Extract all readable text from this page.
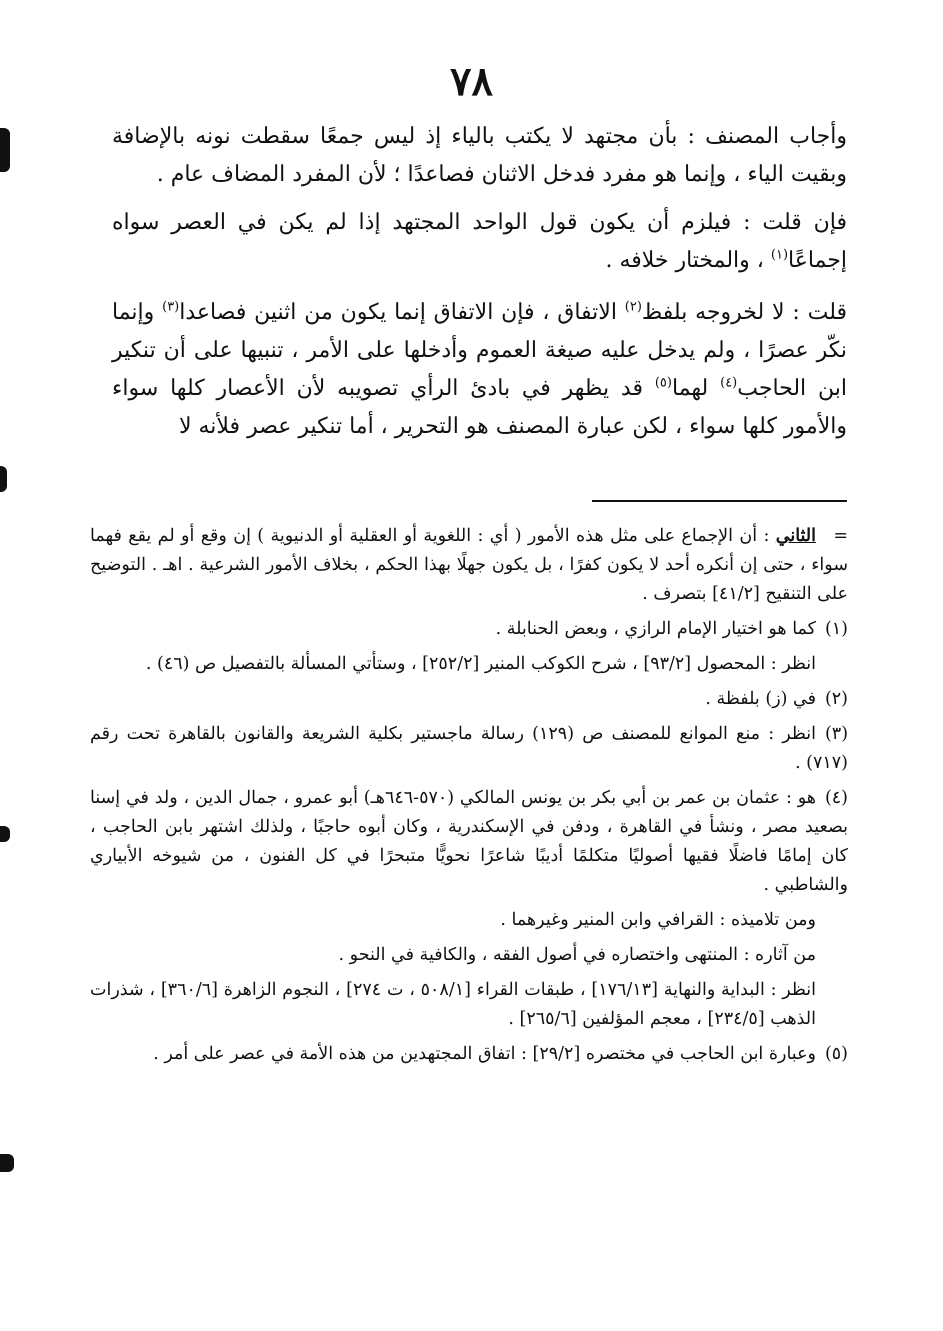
٧٨

وأجاب المصنف : بأن مجتهد لا يكتب بالياء إذ ليس جمعًا سقطت نونه بالإضافة وبقيت الياء ، وإنما هو مفرد فدخل الاثنان فصاعدًا ؛ لأن المفرد المضاف عام .

فإن قلت : فيلزم أن يكون قول الواحد المجتهد إذا لم يكن في العصر سواه إجماعًا$^{(١)}$ ، والمختار خلافه .

قلت : لا لخروجه بلفظ$^{(٢)}$ الاتفاق ، فإن الاتفاق إنما يكون من اثنين فصاعدا$^{(٣)}$ وإنما نكّر عصرًا ، ولم يدخل عليه صيغة العموم وأدخلها على الأمر ، تنبيها على أن تنكير ابن الحاجب$^{(٤)}$ لهما$^{(٥)}$ قد يظهر في بادئ الرأي تصويبه لأن الأعصار كلها سواء والأمور كلها سواء ، لكن عبارة المصنف هو التحرير ، أما تنكير عصر فلأنه لا

=الثاني : أن الإجماع على مثل هذه الأمور ( أي : اللغوية أو العقلية أو الدنيوية ) إن وقع أو لم يقع فهما سواء ، حتى إن أنكره أحد لا يكون كفرًا ، بل يكون جهلًا بهذا الحكم ، بخلاف الأمور الشرعية . اهـ . التوضيح على التنقيح [٤١/٢] بتصرف .
(١)كما هو اختيار الإمام الرازي ، وبعض الحنابلة .
انظر : المحصول [٩٣/٢] ، شرح الكوكب المنير [٢٥٢/٢] ، وستأتي المسألة بالتفصيل ص (٤٦) .
(٢)في (ز) بلفظة .
(٣)انظر : منع الموانع للمصنف ص (١٢٩) رسالة ماجستير بكلية الشريعة والقانون بالقاهرة تحت رقم (٧١٧) .
(٤)هو : عثمان بن عمر بن أبي بكر بن يونس المالكي (٥٧٠-٦٤٦هـ) أبو عمرو ، جمال الدين ، ولد في إسنا بصعيد مصر ، ونشأ في القاهرة ، ودفن في الإسكندرية ، وكان أبوه حاجبًا ، ولذلك اشتهر بابن الحاجب ، كان إمامًا فاضلًا فقيها أصوليًا متكلمًا أديبًا شاعرًا نحويًّا متبحرًا في كل الفنون ، من شيوخه الأبياري والشاطبي .
ومن تلاميذه : القرافي وابن المنير وغيرهما .
من آثاره : المنتهى واختصاره في أصول الفقه ، والكافية في النحو .
انظر : البداية والنهاية [١٧٦/١٣] ، طبقات القراء [٥٠٨/١ ، ت ٢٧٤] ، النجوم الزاهرة [٣٦٠/٦] ، شذرات الذهب [٢٣٤/٥] ، معجم المؤلفين [٢٦٥/٦] .
(٥)وعبارة ابن الحاجب في مختصره [٢٩/٢] : اتفاق المجتهدين من هذه الأمة في عصر على أمر .
